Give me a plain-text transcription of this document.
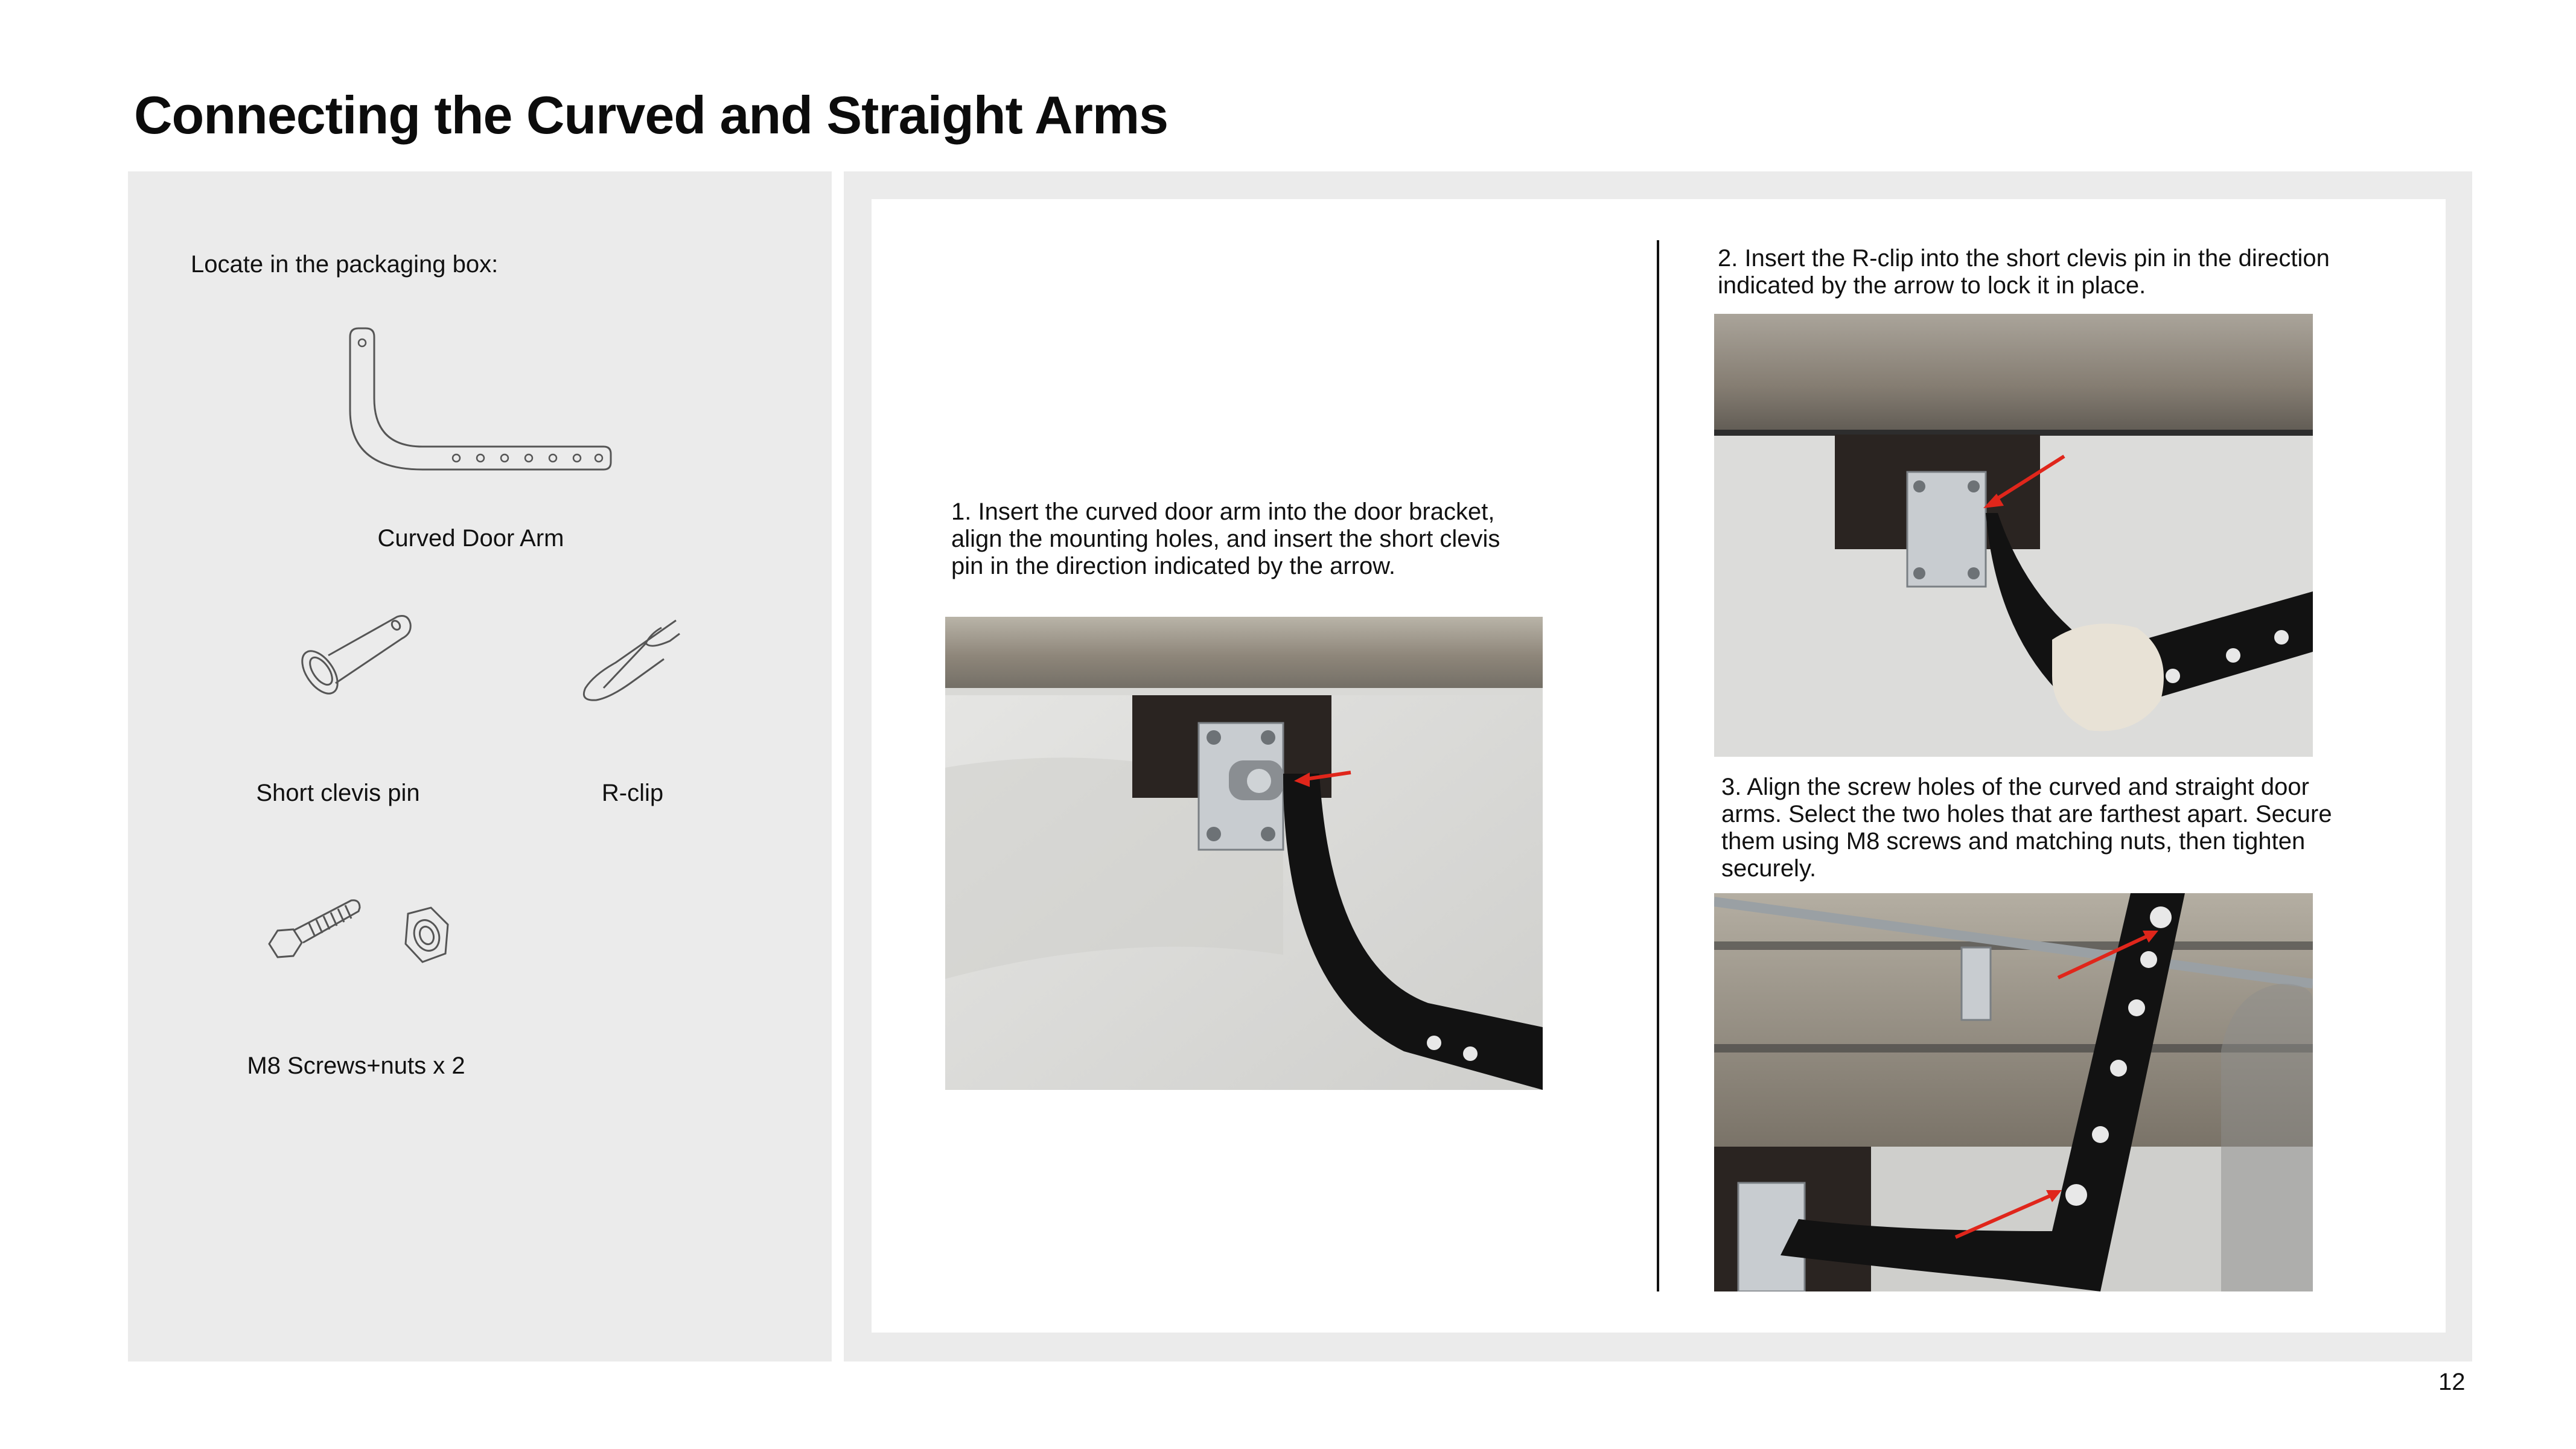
Connecting the Curved and Straight Arms
Locate in the packaging box:
Curved Door Arm
Short clevis pin	R-clip
M8 Screws+nuts x 2
1. Insert the curved door arm into the door bracket,
align the mounting holes, and insert the short clevis
pin in the direction indicated by the arrow.
2. Insert the R-clip into the short clevis pin in the direction
indicated by the arrow to lock it in place.
3. Align the screw holes of the curved and straight door
arms. Select the two holes that are farthest apart. Secure
them using M8 screws and matching nuts, then tighten
securely.
12
